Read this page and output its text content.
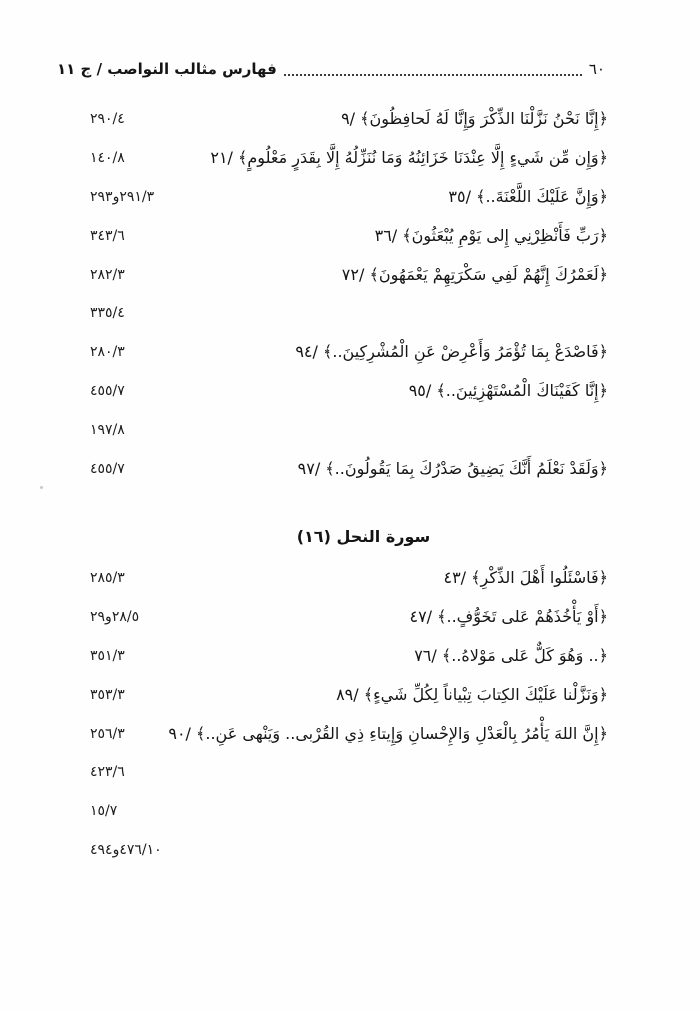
فهارس مثالب النواصب / ج ١١	٦٠
﴿إِنَّا نَحْنُ نَزَّلْنَا الذِّكْرَ وَإِنَّا لَهُ لَحافِظُونَ﴾ /٩
٢٩٠/٤
﴿وَإِن مِّن شَيءٍ إِلَّا عِنْدَنَا خَزَائِنُهُ وَمَا نُنَزِّلُهُ إِلَّا بِقَدَرٍ مَعْلُومٍ﴾ /٢١
١٤٠/٨
﴿وَإِنَّ عَلَيْكَ اللَّعْنَةَ..﴾ /٣٥
٢٩١/٣و٢٩٣
﴿رَبِّ فَأَنْظِرْنِي إِلى يَوْمِ يُبْعَثُونَ﴾ /٣٦
٣٤٣/٦
﴿لَعَمْرُكَ إِنَّهُمْ لَفِي سَكْرَتِهِمْ يَعْمَهُونَ﴾ /٧٢
٢٨٢/٣
٣٣٥/٤
﴿فَاصْدَعْ بِمَا تُؤْمَرُ وَأَعْرِضْ عَنِ الْمُشْرِكِينَ..﴾ /٩٤
٢٨٠/٣
﴿إِنَّا كَفَيْنَاكَ الْمُسْتَهْزِئِينَ..﴾ /٩٥
٤٥٥/٧
١٩٧/٨
﴿وَلَقَدْ نَعْلَمُ أَنَّكَ يَضِيقُ صَدْرُكَ بِمَا يَقُولُونَ..﴾ /٩٧
٤٥٥/٧
سورة النحل (١٦)
﴿فَاسْئَلُوا أَهْلَ الذِّكْرِ﴾ /٤٣
٢٨٥/٣
﴿أَوْ يَأْخُذَهُمْ عَلى تَخَوُّفٍ..﴾ /٤٧
٢٨/٥و٢٩
﴿.. وَهُوَ كَلٌّ عَلى مَوْلاهُ..﴾ /٧٦
٣٥١/٣
﴿وَنَزَّلْنا عَلَيْكَ الكِتابَ تِبْياناً لِكُلِّ شَيءٍ﴾ /٨٩
٣٥٣/٣
﴿إِنَّ اللهَ يَأْمُرُ بِالْعَدْلِ وَالإِحْسانِ وَإِيتاءِ ذِي القُرْبى.. وَيَنْهى عَنِ..﴾ /٩٠
٢٥٦/٣
٤٢٣/٦
١٥/٧
٤٧٦/١٠و٤٩٤
